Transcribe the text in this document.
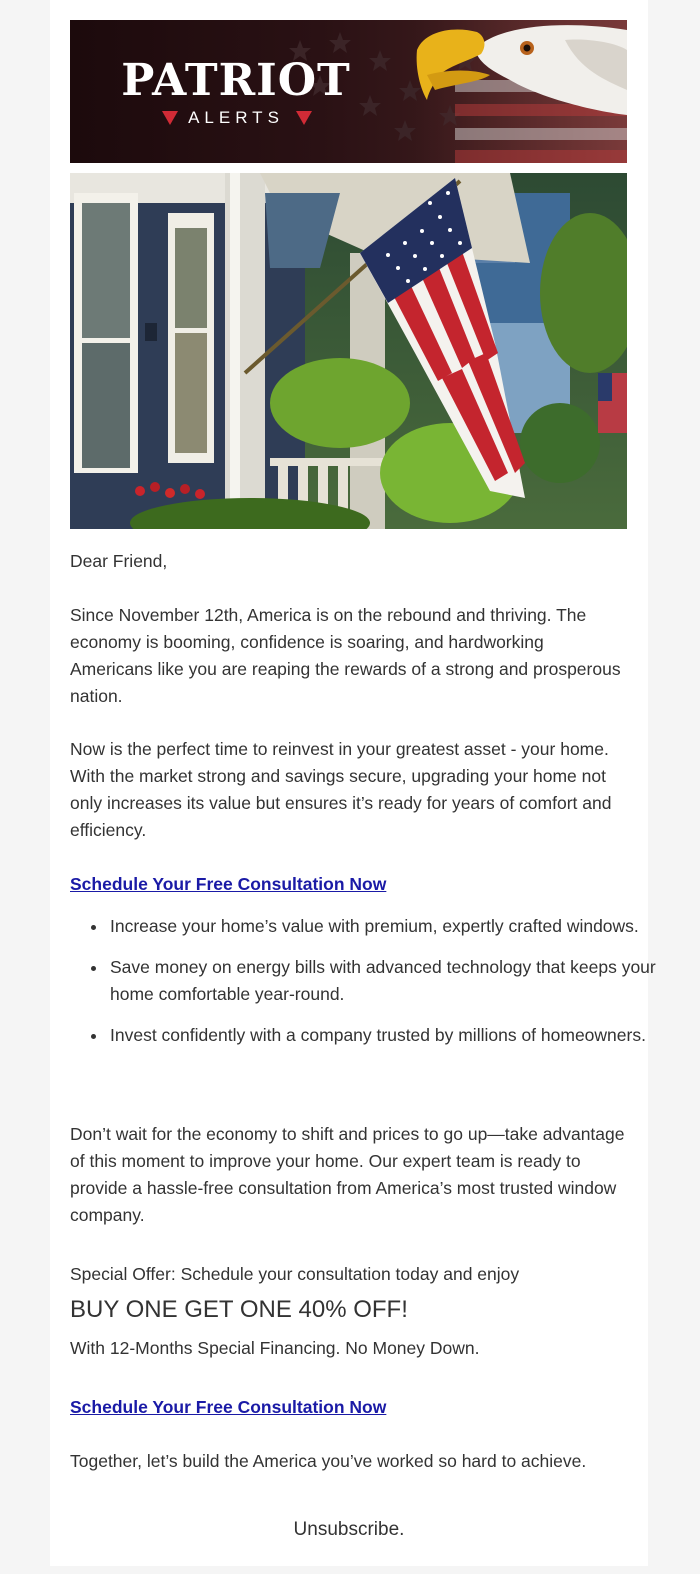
PATRIOT
ALERTS

Dear Friend,

Since November 12th, America is on the rebound and thriving. The economy is booming, confidence is soaring, and hardworking Americans like you are reaping the rewards of a strong and prosperous nation.

Now is the perfect time to reinvest in your greatest asset - your home. With the market strong and savings secure, upgrading your home not only increases its value but ensures it’s ready for years of comfort and efficiency.

Schedule Your Free Consultation Now
Increase your home’s value with premium, expertly crafted windows.
Save money on energy bills with advanced technology that keeps your home comfortable year-round.
Invest confidently with a company trusted by millions of homeowners.

Don’t wait for the economy to shift and prices to go up—take advantage of this moment to improve your home. Our expert team is ready to provide a hassle-free consultation from America’s most trusted window company.

Special Offer: Schedule your consultation today and enjoy

BUY ONE GET ONE 40% OFF!

With 12-Months Special Financing. No Money Down.

Schedule Your Free Consultation Now

Together, let’s build the America you’ve worked so hard to achieve.

Unsubscribe.
